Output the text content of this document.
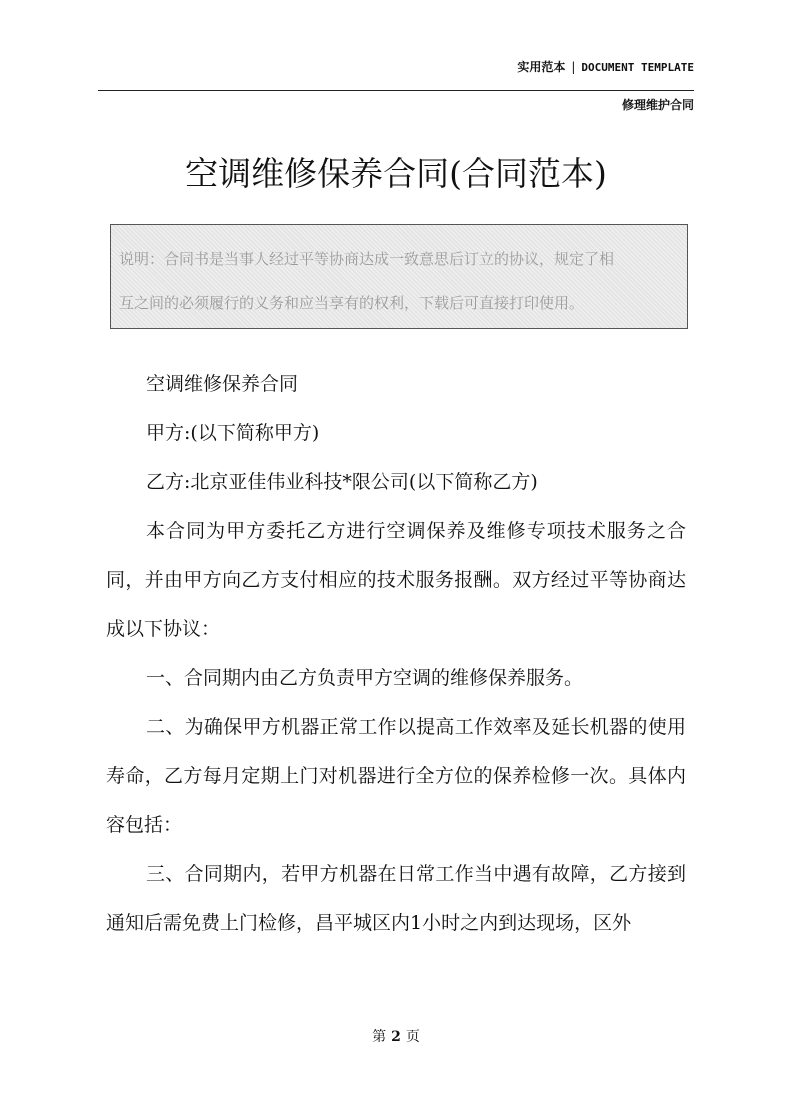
实用范本 | DOCUMENT TEMPLATE
修理维护合同
空调维修保养合同(合同范本)
说明：合同书是当事人经过平等协商达成一致意思后订立的协议，规定了相
互之间的必须履行的义务和应当享有的权利，下载后可直接打印使用。

空调维修保养合同

甲方:(以下简称甲方)

乙方:北京亚佳伟业科技*限公司(以下简称乙方)

本合同为甲方委托乙方进行空调保养及维修专项技术服务之合同，并由甲方向乙方支付相应的技术服务报酬。双方经过平等协商达成以下协议：

一、合同期内由乙方负责甲方空调的维修保养服务。

二、为确保甲方机器正常工作以提高工作效率及延长机器的使用寿命，乙方每月定期上门对机器进行全方位的保养检修一次。具体内容包括：

三、合同期内，若甲方机器在日常工作当中遇有故障，乙方接到通知后需免费上门检修，昌平城区内1小时之内到达现场，区外

第 2 页
